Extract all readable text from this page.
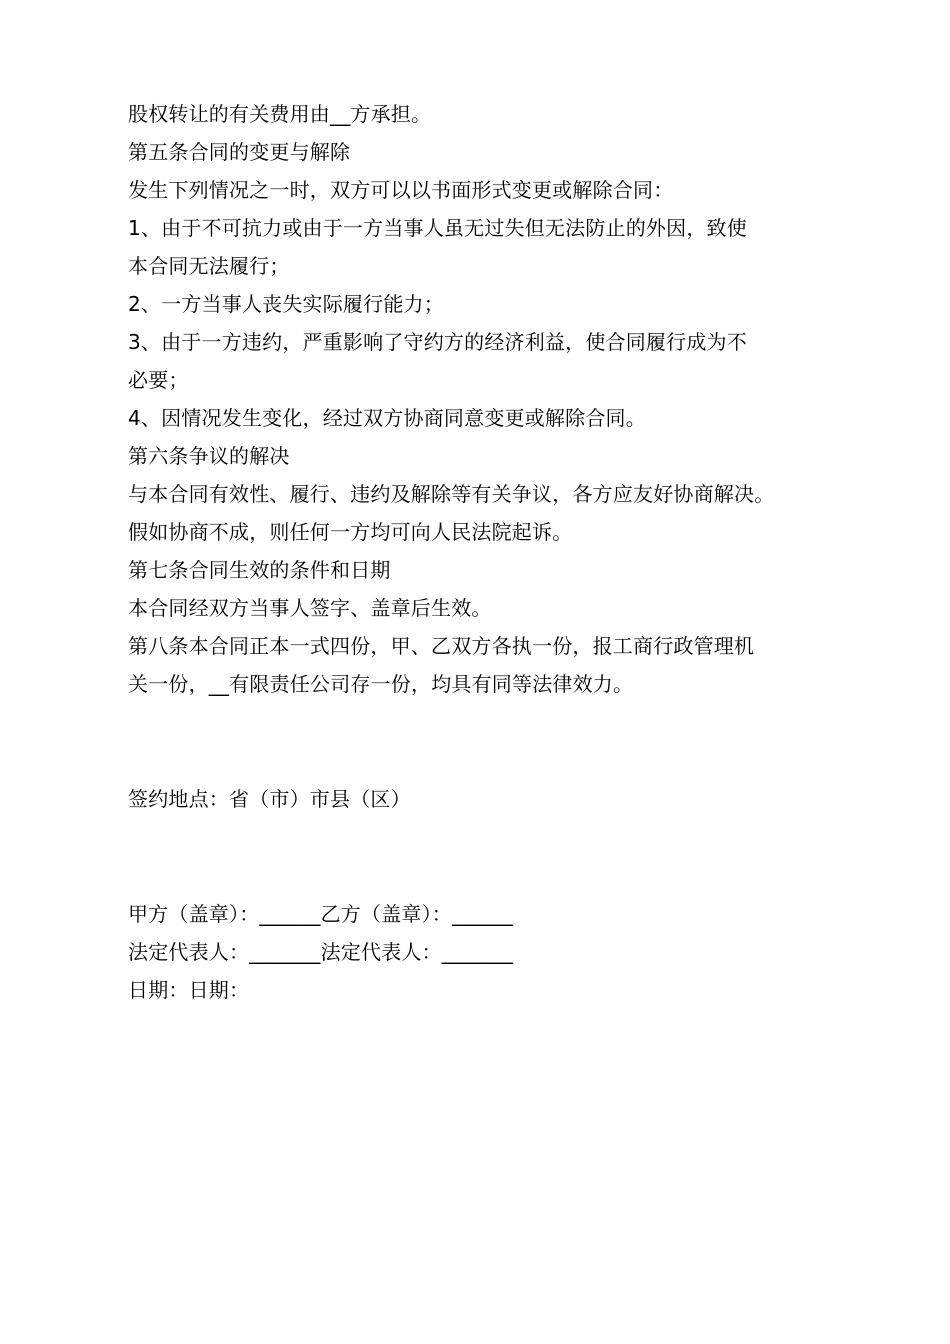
股权转让的有关费用由__方承担。
第五条合同的变更与解除
发生下列情况之一时，双方可以以书面形式变更或解除合同：
1、由于不可抗力或由于一方当事人虽无过失但无法防止的外因，致使
本合同无法履行；
2、一方当事人丧失实际履行能力；
3、由于一方违约，严重影响了守约方的经济利益，使合同履行成为不
必要；
4、因情况发生变化，经过双方协商同意变更或解除合同。
第六条争议的解决
与本合同有效性、履行、违约及解除等有关争议，各方应友好协商解决。
假如协商不成，则任何一方均可向人民法院起诉。
第七条合同生效的条件和日期
本合同经双方当事人签字、盖章后生效。
第八条本合同正本一式四份，甲、乙双方各执一份，报工商行政管理机
关一份，__有限责任公司存一份，均具有同等法律效力。
签约地点：省（市）市县（区）
甲方（盖章）：______乙方（盖章）：______
法定代表人：_______法定代表人：_______
日期：日期：
